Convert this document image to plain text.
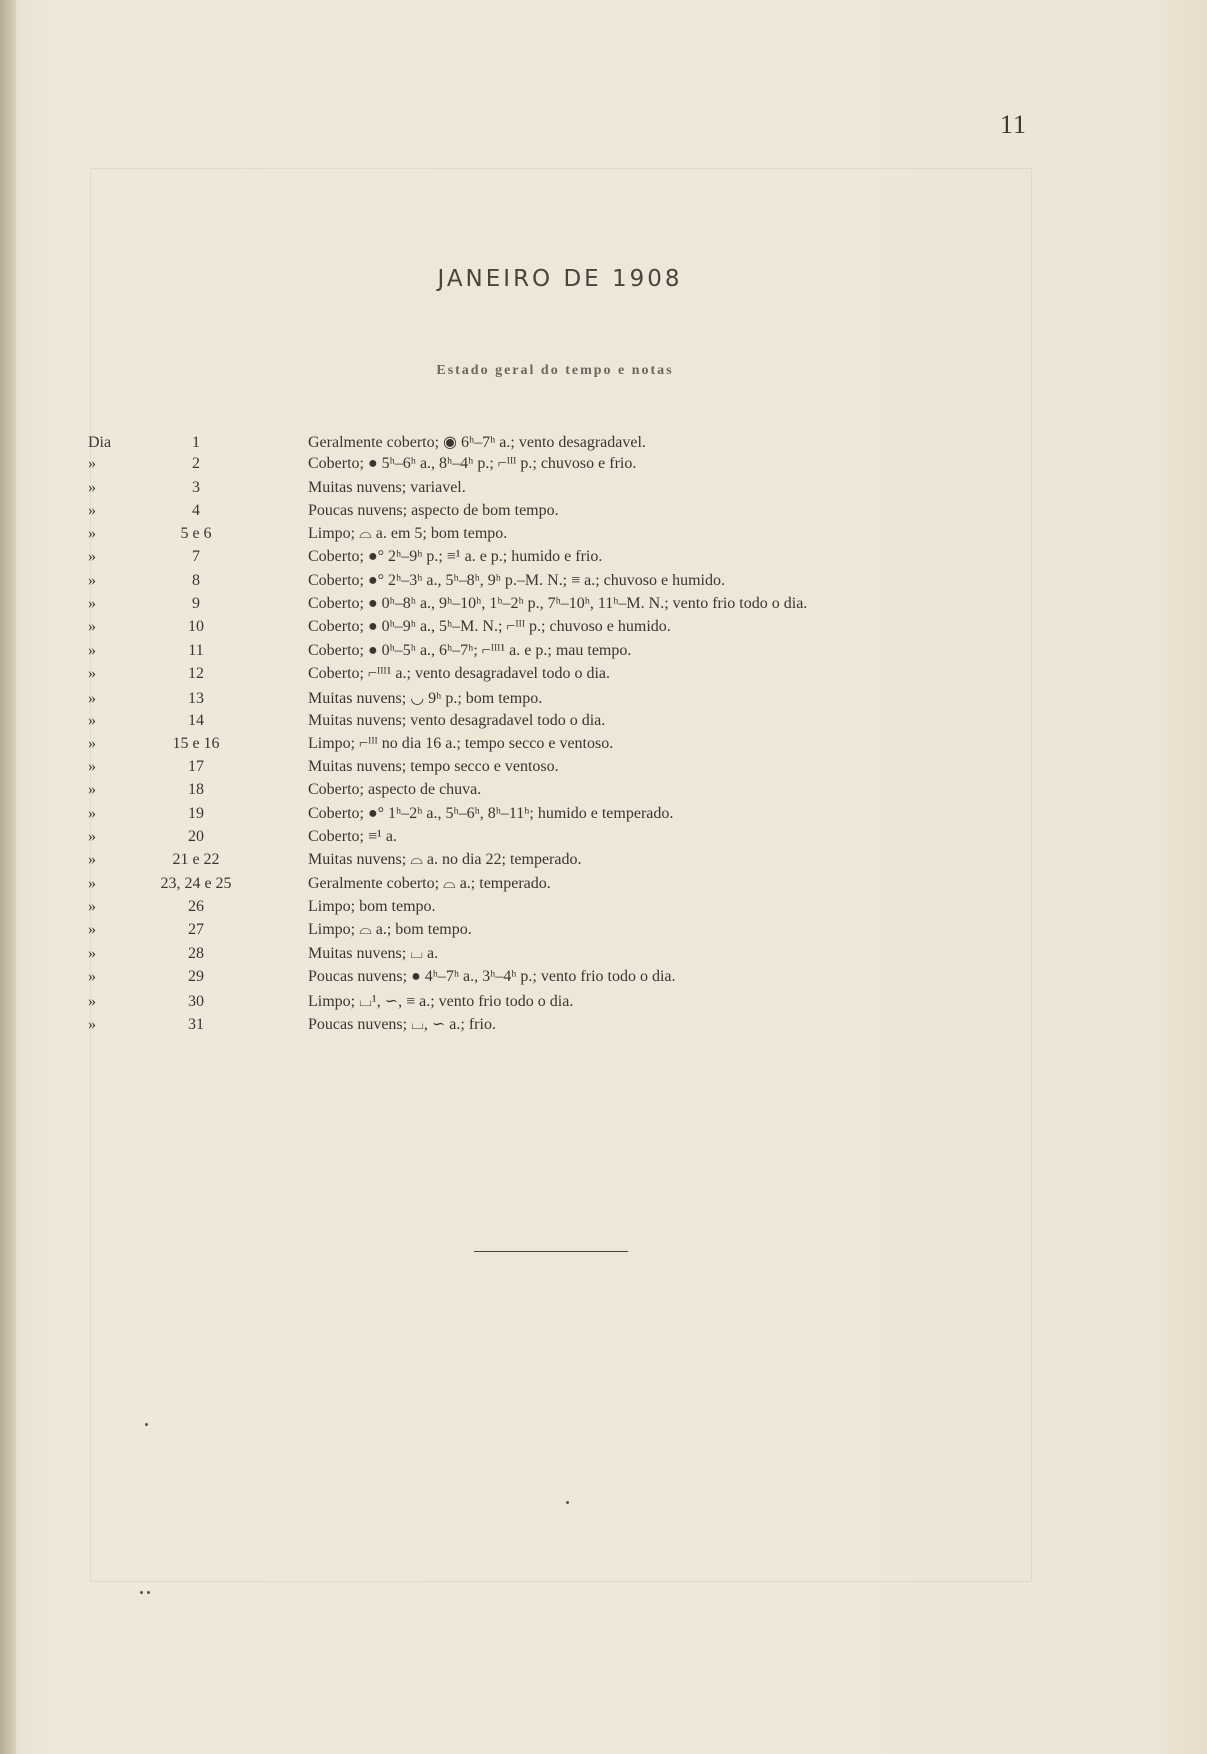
11
JANEIRO DE 1908
Estado geral do tempo e notas
Dia	1	Geralmente coberto; ◉ 6ʰ–7ʰ a.; vento desagradavel.
»	2	Coberto; ● 5ʰ–6ʰ a., 8ʰ–4ʰ p.; ⌐ᴵᴵᴵ p.; chuvoso e frio.
»	3	Muitas nuvens; variavel.
»	4	Poucas nuvens; aspecto de bom tempo.
»	5 e 6	Limpo; ⌓ a. em 5; bom tempo.
»	7	Coberto; ●° 2ʰ–9ʰ p.; ≡¹ a. e p.; humido e frio.
»	8	Coberto; ●° 2ʰ–3ʰ a., 5ʰ–8ʰ, 9ʰ p.–M. N.; ≡ a.; chuvoso e humido.
»	9	Coberto; ● 0ʰ–8ʰ a., 9ʰ–10ʰ, 1ʰ–2ʰ p., 7ʰ–10ʰ, 11ʰ–M. N.; vento frio todo o dia.
»	10	Coberto; ● 0ʰ–9ʰ a., 5ʰ–M. N.; ⌐ᴵᴵᴵ p.; chuvoso e humido.
»	11	Coberto; ● 0ʰ–5ʰ a., 6ʰ–7ʰ; ⌐ᴵᴵᴵ¹ a. e p.; mau tempo.
»	12	Coberto; ⌐ᴵᴵᴵ¹ a.; vento desagradavel todo o dia.
»	13	Muitas nuvens; ◡ 9ʰ p.; bom tempo.
»	14	Muitas nuvens; vento desagradavel todo o dia.
»	15 e 16	Limpo; ⌐ᴵᴵᴵ no dia 16 a.; tempo secco e ventoso.
»	17	Muitas nuvens; tempo secco e ventoso.
»	18	Coberto; aspecto de chuva.
»	19	Coberto; ●° 1ʰ–2ʰ a., 5ʰ–6ʰ, 8ʰ–11ʰ; humido e temperado.
»	20	Coberto; ≡¹ a.
»	21 e 22	Muitas nuvens; ⌓ a. no dia 22; temperado.
»	23, 24 e 25	Geralmente coberto; ⌓ a.; temperado.
»	26	Limpo; bom tempo.
»	27	Limpo; ⌓ a.; bom tempo.
»	28	Muitas nuvens; ⌴ a.
»	29	Poucas nuvens; ● 4ʰ–7ʰ a., 3ʰ–4ʰ p.; vento frio todo o dia.
»	30	Limpo; ⌴¹, ∽, ≡ a.; vento frio todo o dia.
»	31	Poucas nuvens; ⌴, ∽ a.; frio.
